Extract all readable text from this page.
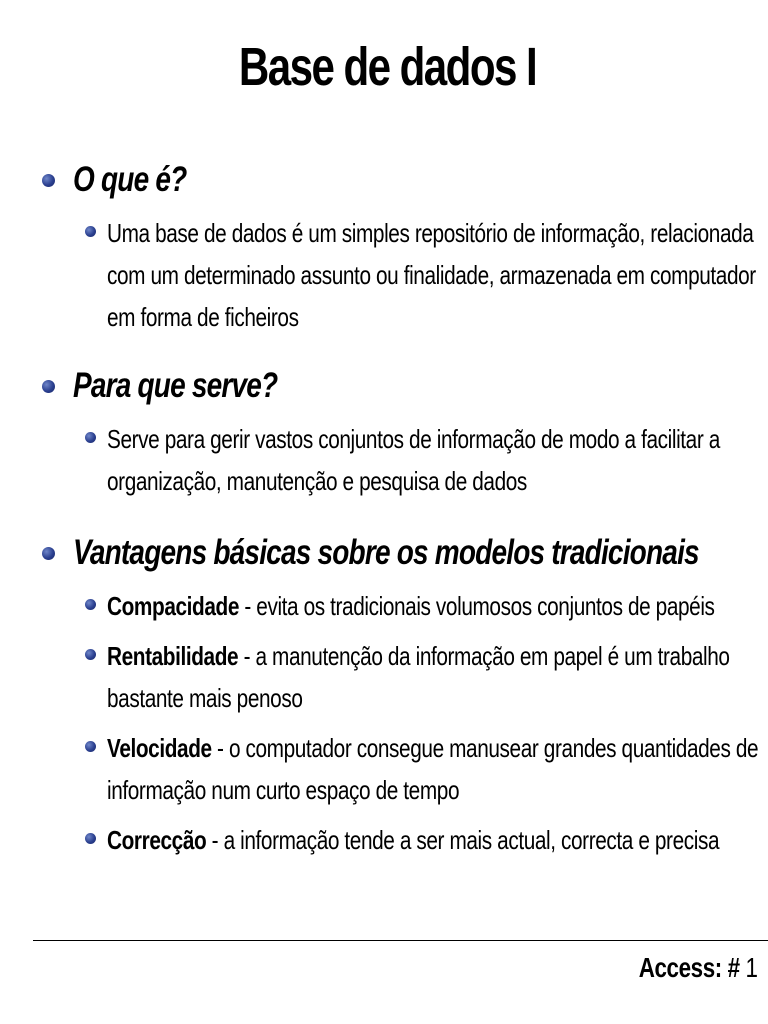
Base de dados I
O que é?
Uma base de dados é um simples repositório de informação, relacionada
com um determinado assunto ou finalidade, armazenada em computador
em forma de ficheiros
Para que serve?
Serve para gerir vastos conjuntos de informação de modo a facilitar a
organização, manutenção e pesquisa de dados
Vantagens básicas sobre os modelos tradicionais
Compacidade - evita os tradicionais volumosos conjuntos de papéis
Rentabilidade - a manutenção da informação em papel é um trabalho
bastante mais penoso
Velocidade - o computador consegue manusear grandes quantidades de
informação num curto espaço de tempo
Correcção - a informação tende a ser mais actual, correcta e precisa
Access: # 1
